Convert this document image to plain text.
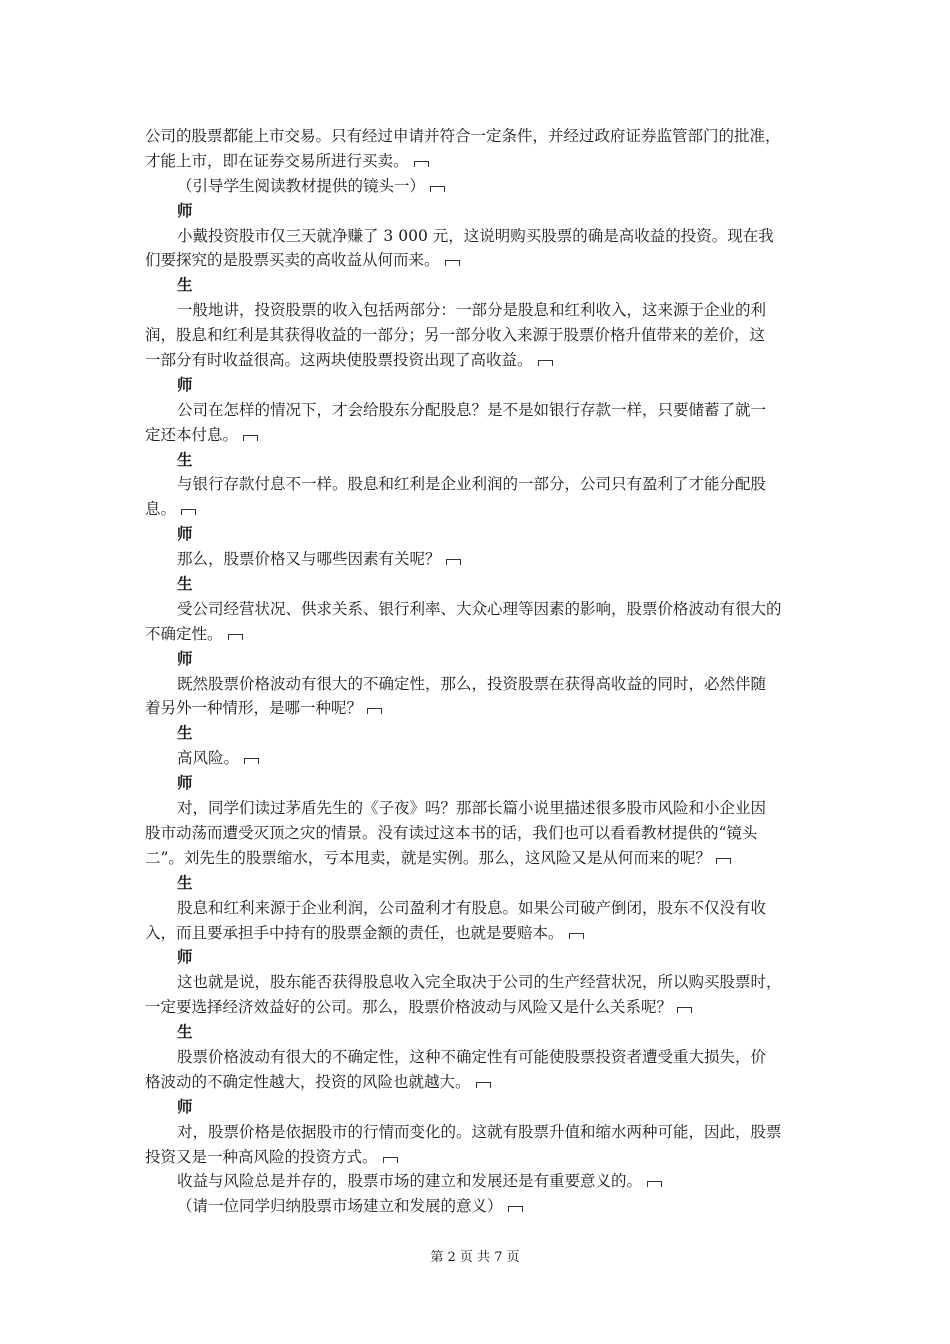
公司的股票都能上市交易。只有经过申请并符合一定条件，并经过政府证券监管部门的批准，
才能上市，即在证券交易所进行买卖。
（引导学生阅读教材提供的镜头一）
师
小戴投资股市仅三天就净赚了 3 000 元，这说明购买股票的确是高收益的投资。现在我
们要探究的是股票买卖的高收益从何而来。
生
一般地讲，投资股票的收入包括两部分：一部分是股息和红利收入，这来源于企业的利
润，股息和红利是其获得收益的一部分；另一部分收入来源于股票价格升值带来的差价，这
一部分有时收益很高。这两块使股票投资出现了高收益。
师
公司在怎样的情况下，才会给股东分配股息？是不是如银行存款一样，只要储蓄了就一
定还本付息。
生
与银行存款付息不一样。股息和红利是企业利润的一部分，公司只有盈利了才能分配股
息。
师
那么，股票价格又与哪些因素有关呢？
生
受公司经营状况、供求关系、银行利率、大众心理等因素的影响，股票价格波动有很大的
不确定性。
师
既然股票价格波动有很大的不确定性，那么，投资股票在获得高收益的同时，必然伴随
着另外一种情形，是哪一种呢？
生
高风险。
师
对，同学们读过茅盾先生的《子夜》吗？那部长篇小说里描述很多股市风险和小企业因
股市动荡而遭受灭顶之灾的情景。没有读过这本书的话，我们也可以看看教材提供的“镜头
二”。刘先生的股票缩水，亏本甩卖，就是实例。那么，这风险又是从何而来的呢？
生
股息和红利来源于企业利润，公司盈利才有股息。如果公司破产倒闭，股东不仅没有收
入，而且要承担手中持有的股票金额的责任，也就是要赔本。
师
这也就是说，股东能否获得股息收入完全取决于公司的生产经营状况，所以购买股票时，
一定要选择经济效益好的公司。那么，股票价格波动与风险又是什么关系呢？
生
股票价格波动有很大的不确定性，这种不确定性有可能使股票投资者遭受重大损失，价
格波动的不确定性越大，投资的风险也就越大。
师
对，股票价格是依据股市的行情而变化的。这就有股票升值和缩水两种可能，因此，股票
投资又是一种高风险的投资方式。
收益与风险总是并存的，股票市场的建立和发展还是有重要意义的。
（请一位同学归纳股票市场建立和发展的意义）
第 2 页 共 7 页
